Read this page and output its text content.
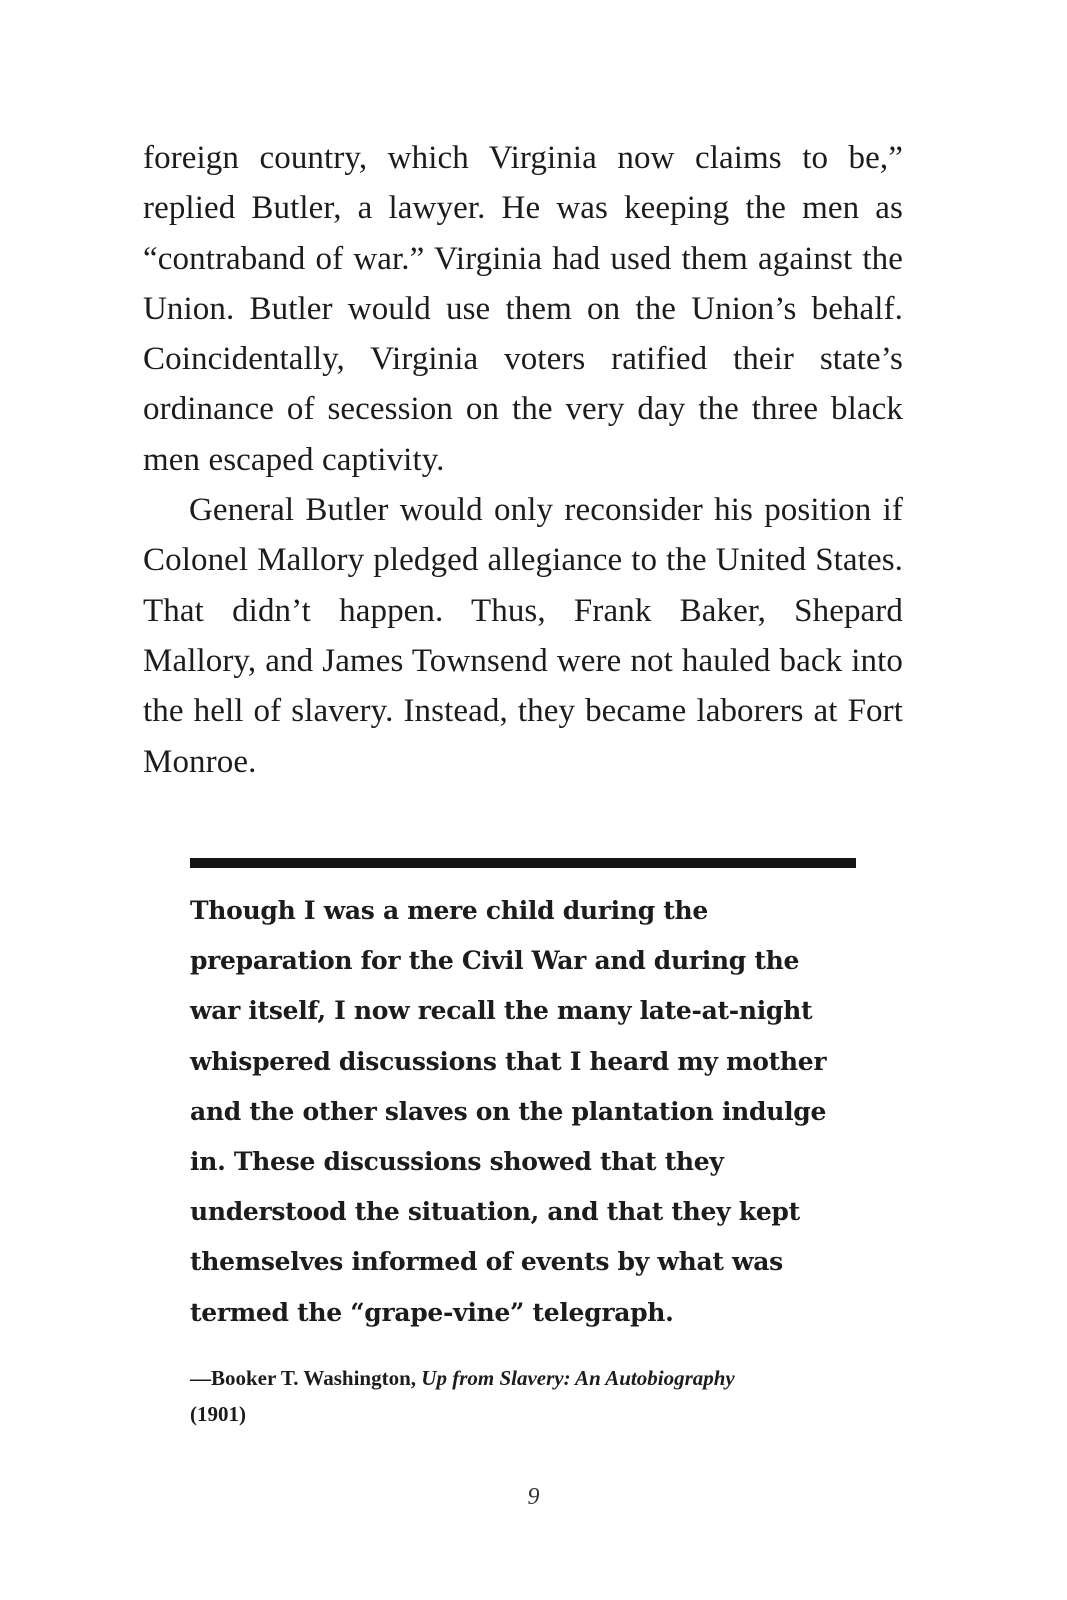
foreign country, which Virginia now claims to be,” replied Butler, a lawyer. He was keeping the men as “contraband of war.” Virginia had used them against the Union. Butler would use them on the Union’s behalf. Coincidentally, Virginia voters ratified their state’s ordinance of secession on the very day the three black men escaped captivity.

General Butler would only reconsider his position if Colonel Mallory pledged allegiance to the United States. That didn’t happen. Thus, Frank Baker, Shepard Mallory, and James Townsend were not hauled back into the hell of slavery. Instead, they became laborers at Fort Monroe.

Though I was a mere child during the
preparation for the Civil War and during the
war itself, I now recall the many late-at-night
whispered discussions that I heard my mother
and the other slaves on the plantation indulge
in. These discussions showed that they
understood the situation, and that they kept
themselves informed of events by what was
termed the “grape-vine” telegraph.
—Booker T. Washington, Up from Slavery: An Autobiography
(1901)
9
